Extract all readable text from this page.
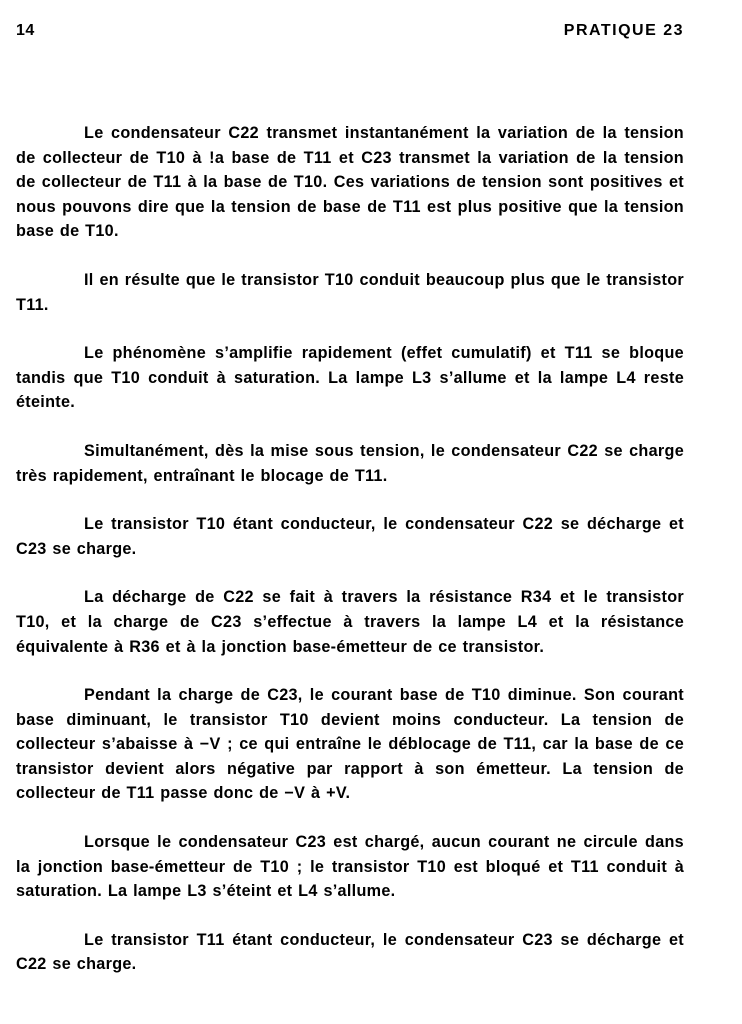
14	PRATIQUE 23

Le condensateur C22 transmet instantanément la variation de la tension de collecteur de T10 à !a base de T11 et C23 transmet la variation de la tension de collecteur de T11 à la base de T10. Ces variations de tension sont positives et nous pouvons dire que la tension de base de T11 est plus positive que la tension base de T10.

Il en résulte que le transistor T10 conduit beaucoup plus que le transistor T11.

Le phénomène s’amplifie rapidement (effet cumulatif) et T11 se bloque tandis que T10 conduit à saturation. La lampe L3 s’allume et la lampe L4 reste éteinte.

Simultanément, dès la mise sous tension, le condensateur C22 se charge très rapidement, entraînant le blocage de T11.

Le transistor T10 étant conducteur, le condensateur C22 se décharge et C23 se charge.

La décharge de C22 se fait à travers la résistance R34 et le transistor T10, et la charge de C23 s’effectue à travers la lampe L4 et la résistance équivalente à R36 et à la jonction base-émetteur de ce transistor.

Pendant la charge de C23, le courant base de T10 diminue. Son courant base diminuant, le transistor T10 devient moins conducteur. La tension de collecteur s’abaisse à −V ; ce qui entraîne le déblocage de T11, car la base de ce transistor devient alors négative par rapport à son émetteur. La tension de collecteur de T11 passe donc de −V à +V.

Lorsque le condensateur C23 est chargé, aucun courant ne circule dans la jonction base-émetteur de T10 ; le transistor T10 est bloqué et T11 conduit à saturation. La lampe L3 s’éteint et L4 s’allume.

Le transistor T11 étant conducteur, le condensateur C23 se décharge et C22 se charge.
